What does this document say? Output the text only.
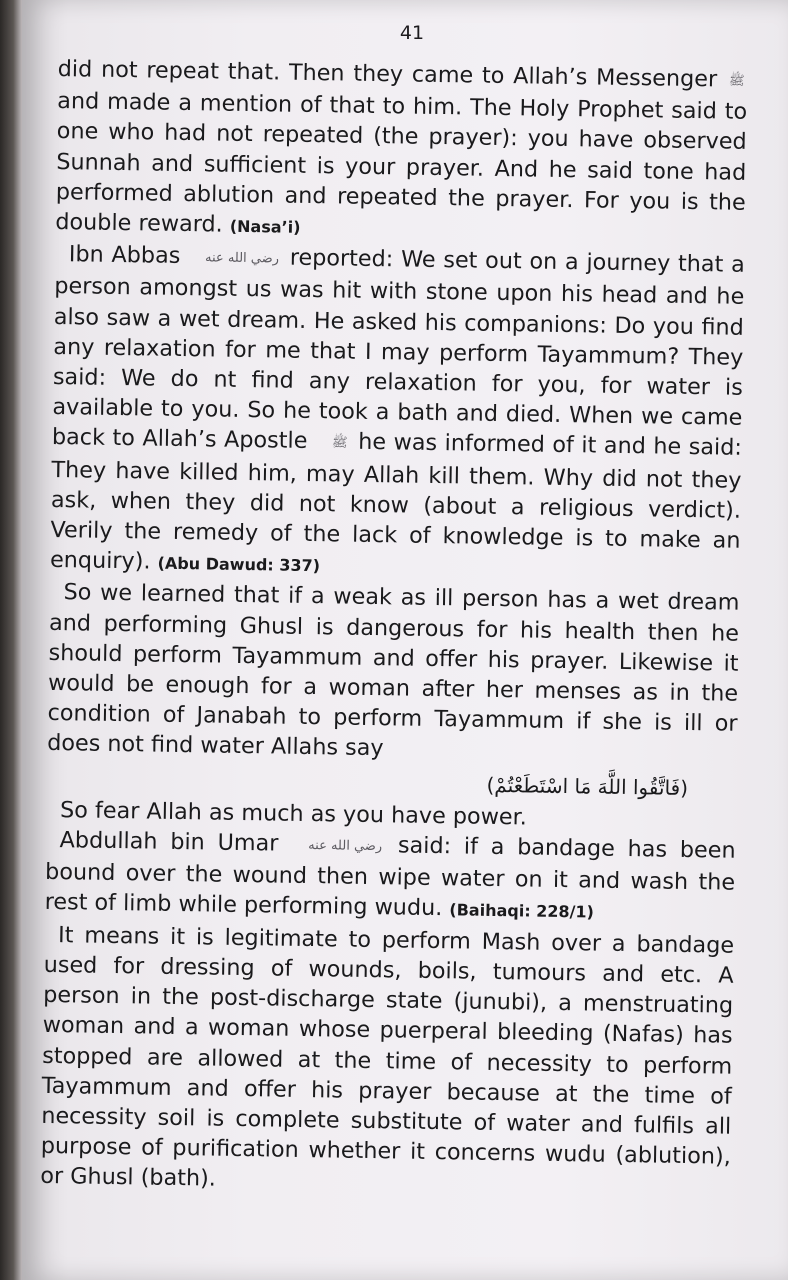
41

did not repeat that. Then they came to Allah’s Messenger ﷺ and made a mention of that to him. The Holy Prophet said to one who had not repeated (the prayer): you have observed Sunnah and sufficient is your prayer. And he said tone had performed ablution and repeated the prayer. For you is the double reward. (Nasa’i)

Ibn Abbas رضي الله عنه reported: We set out on a journey that a person amongst us was hit with stone upon his head and he also saw a wet dream. He asked his companions: Do you find any relaxation for me that I may perform Tayammum? They said: We do nt find any relaxation for you, for water is available to you. So he took a bath and died. When we came back to Allah’s Apostle ﷺ he was informed of it and he said: They have killed him, may Allah kill them. Why did not they ask, when they did not know (about a religious verdict). Verily the remedy of the lack of knowledge is to make an enquiry). (Abu Dawud: 337)

So we learned that if a weak as ill person has a wet dream and performing Ghusl is dangerous for his health then he should perform Tayammum and offer his prayer. Likewise it would be enough for a woman after her menses as in the condition of Janabah to perform Tayammum if she is ill or does not find water Allahs say

(فَاتَّقُوا اللَّهَ مَا اسْتَطَعْتُمْ)

So fear Allah as much as you have power.

Abdullah bin Umar رضي الله عنه said: if a bandage has been bound over the wound then wipe water on it and wash the rest of limb while performing wudu. (Baihaqi: 228/1)

It means it is legitimate to perform Mash over a bandage used for dressing of wounds, boils, tumours and etc. A person in the post-discharge state (junubi), a menstruating woman and a woman whose puerperal bleeding (Nafas) has stopped are allowed at the time of necessity to perform Tayammum and offer his prayer because at the time of necessity soil is complete substitute of water and fulfils all purpose of purification whether it concerns wudu (ablution), or Ghusl (bath).
